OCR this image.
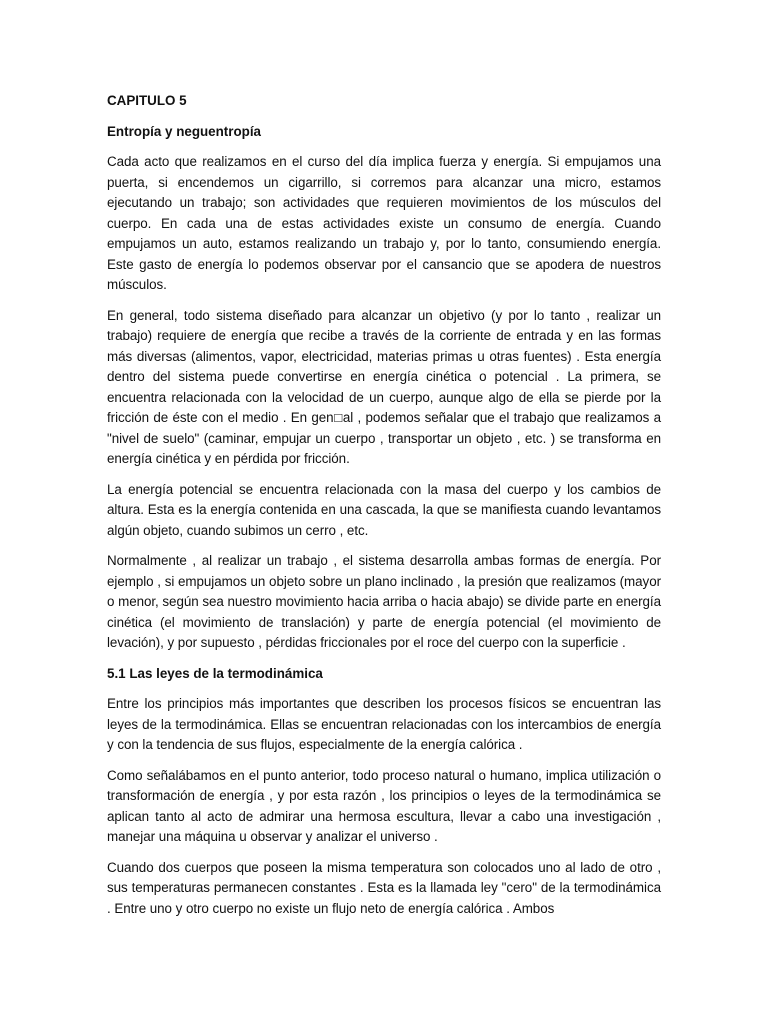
CAPITULO 5

Entropía y neguentropía

Cada acto que realizamos en el curso del día implica fuerza y energía. Si empujamos una puerta, si encendemos un cigarrillo, si corremos para alcanzar una micro, estamos ejecutando un trabajo; son actividades que requieren movimientos de los músculos del cuerpo. En cada una de estas actividades existe un consumo de energía. Cuando empujamos un auto, estamos realizando un trabajo y, por lo tanto, consumiendo energía. Este gasto de energía lo podemos observar por el cansancio que se apodera de nuestros músculos.

En general, todo sistema diseñado para alcanzar un objetivo (y por lo tanto , realizar un trabajo) requiere de energía que recibe a través de la corriente de entrada y en las formas más diversas (alimentos, vapor, electricidad, materias primas u otras fuentes) . Esta energía dentro del sistema puede convertirse en energía cinética o potencial . La primera, se encuentra relacionada con la velocidad de un cuerpo, aunque algo de ella se pierde por la fricción de éste con el medio . En gen□al , podemos señalar que el trabajo que realizamos a "nivel de suelo" (caminar, empujar un cuerpo , transportar un objeto , etc. ) se transforma en energía cinética y en pérdida por fricción.

La energía potencial se encuentra relacionada con la masa del cuerpo y los cambios de altura. Esta es la energía contenida en una cascada, la que se manifiesta cuando levantamos algún objeto, cuando subimos un cerro , etc.

Normalmente , al realizar un trabajo , el sistema desarrolla ambas formas de energía. Por ejemplo , si empujamos un objeto sobre un plano inclinado , la presión que realizamos (mayor o menor, según sea nuestro movimiento hacia arriba o hacia abajo) se divide parte en energía cinética (el movimiento de translación) y parte de energía potencial (el movimiento de levación), y por supuesto , pérdidas friccionales por el roce del cuerpo con la superficie .

5.1 Las leyes de la termodinámica

Entre los principios más importantes que describen los procesos físicos se encuentran las leyes de la termodinámica. Ellas se encuentran relacionadas con los intercambios de energía y con la tendencia de sus flujos, especialmente de la energía calórica .

Como señalábamos en el punto anterior, todo proceso natural o humano, implica utilización o transformación de energía , y por esta razón , los principios o leyes de la termodinámica se aplican tanto al acto de admirar una hermosa escultura, llevar a cabo una investigación , manejar una máquina u observar y analizar el universo .

Cuando dos cuerpos que poseen la misma temperatura son colocados uno al lado de otro , sus temperaturas permanecen constantes . Esta es la llamada ley "cero" de la termodinámica . Entre uno y otro cuerpo no existe un flujo neto de energía calórica . Ambos
